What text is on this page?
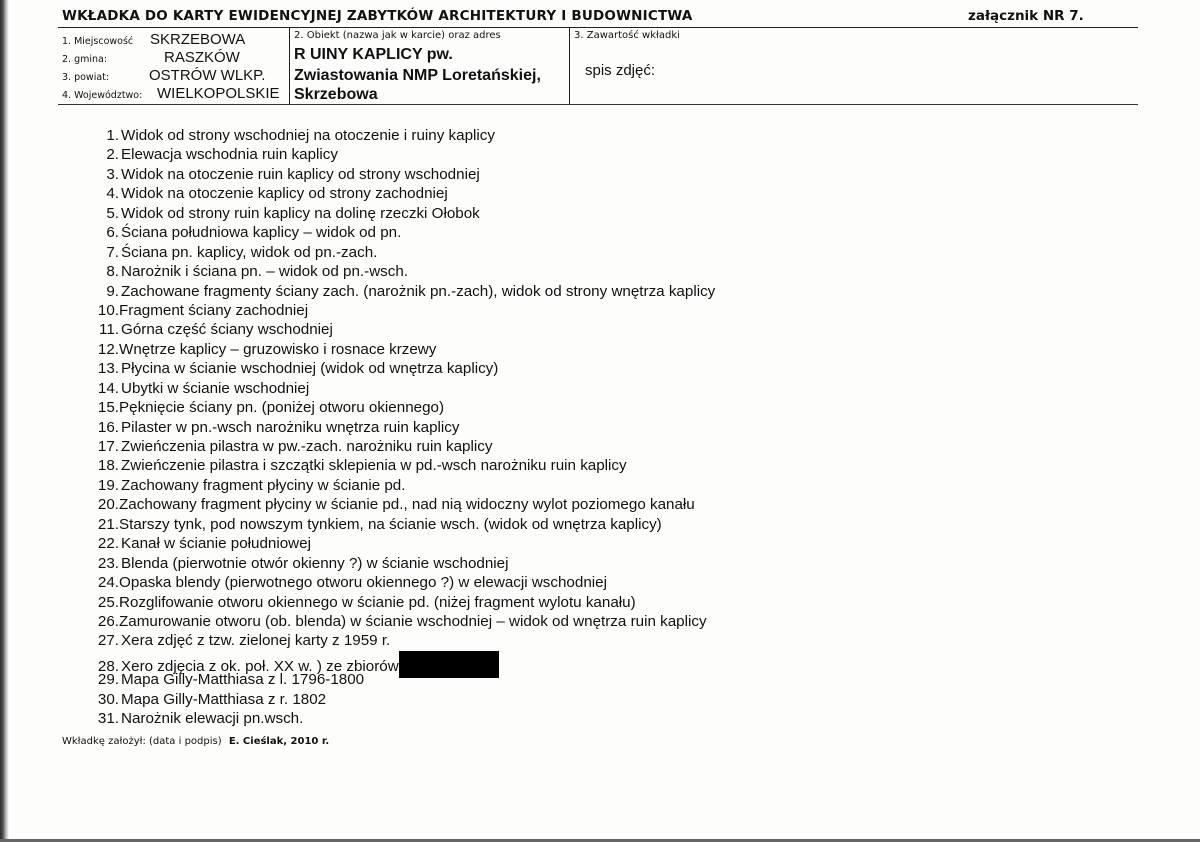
WKŁADKA DO KARTY EWIDENCYJNEJ ZABYTKÓW ARCHITEKTURY I BUDOWNICTWA	załącznik NR 7.
1. Miejscowość SKRZEBOWA
2. gmina:	RASZKÓW
3. powiat:	OSTRÓW WLKP.
4. Województwo: WIELKOPOLSKIE
2. Obiekt (nazwa jak w karcie) oraz adres
R UINY KAPLICY pw.
Zwiastowania NMP Loretańskiej,
Skrzebowa
3. Zawartość wkładki
spis zdjęć:
1. Widok od strony wschodniej na otoczenie i ruiny kaplicy
2. Elewacja wschodnia ruin kaplicy
3. Widok na otoczenie ruin kaplicy od strony wschodniej
4. Widok na otoczenie kaplicy od strony zachodniej
5. Widok od strony ruin kaplicy na dolinę rzeczki Ołobok
6. Ściana południowa kaplicy – widok od pn.
7. Ściana pn. kaplicy, widok od pn.-zach.
8. Narożnik i ściana pn. – widok od pn.-wsch.
9. Zachowane fragmenty ściany zach. (narożnik pn.-zach), widok od strony wnętrza kaplicy
10.Fragment ściany zachodniej
11. Górna część ściany wschodniej
12.Wnętrze kaplicy – gruzowisko i rosnace krzewy
13. Płycina w ścianie wschodniej (widok od wnętrza kaplicy)
14. Ubytki w ścianie wschodniej
15.Pęknięcie ściany pn. (poniżej otworu okiennego)
16. Pilaster w pn.-wsch narożniku wnętrza ruin kaplicy
17. Zwieńczenia pilastra w pw.-zach. narożniku ruin kaplicy
18. Zwieńczenie pilastra i szczątki sklepienia w pd.-wsch narożniku ruin kaplicy
19. Zachowany fragment płyciny w ścianie pd.
20.Zachowany fragment płyciny w ścianie pd., nad nią widoczny wylot poziomego kanału
21.Starszy tynk, pod nowszym tynkiem, na ścianie wsch. (widok od wnętrza kaplicy)
22. Kanał w ścianie południowej
23. Blenda (pierwotnie otwór okienny ?) w ścianie wschodniej
24.Opaska blendy (pierwotnego otworu okiennego ?) w elewacji wschodniej
25.Rozglifowanie otworu okiennego w ścianie pd. (niżej fragment wylotu kanału)
26.Zamurowanie otworu (ob. blenda) w ścianie wschodniej – widok od wnętrza ruin kaplicy
27. Xera zdjęć z tzw. zielonej karty z 1959 r.
28. Xero zdjęcia z ok. poł. XX w. ) ze zbiorów
29. Mapa Gilly-Matthiasa z l. 1796-1800
30. Mapa Gilly-Matthiasa z r. 1802
31. Narożnik elewacji pn.wsch.
Wkładkę założył: (data i podpis) E. Cieślak, 2010 r.
